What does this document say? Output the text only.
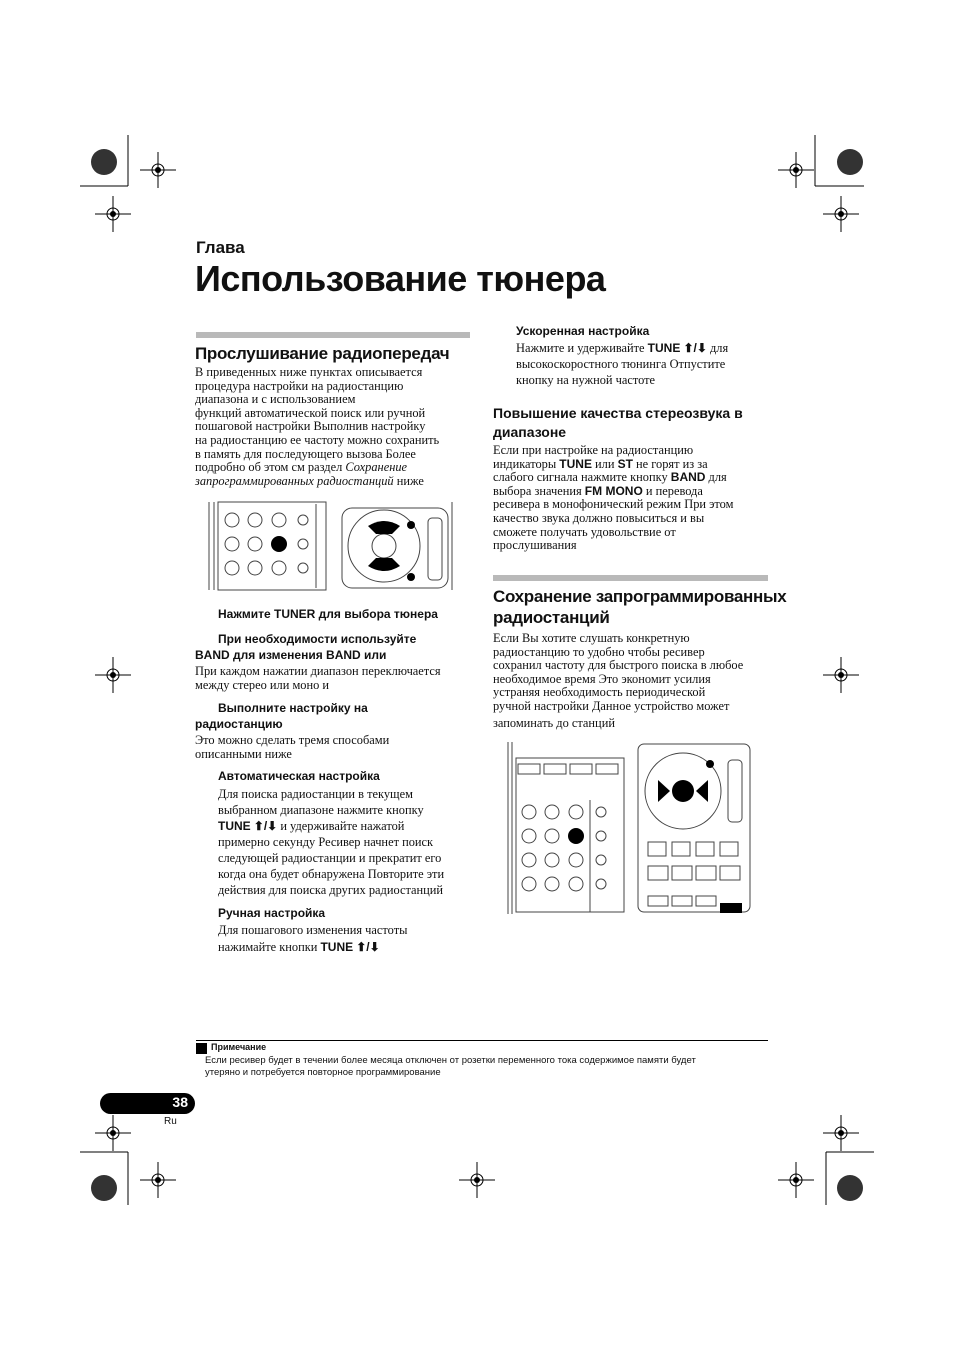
Глава
Использование тюнера
Прослушивание радиопередач
В приведенных ниже пунктах описывается
процедура настройки на радиостанцию
диапазона и с использованием
функций автоматической поиск или ручной
пошаговой настройки Выполнив настройку
на радиостанцию ее частоту можно сохранить
в память для последующего вызова Более
подробно об этом см раздел Сохранение
запрограммированных радиостанций ниже
Нажмите TUNER для выбора тюнера
При необходимости используйте
BAND для изменения BAND или
При каждом нажатии диапазон переключается
между стерео или моно и
Выполните настройку на
радиостанцию
Это можно сделать тремя способами
описанными ниже
Автоматическая настройка
Для поиска радиостанции в текущем
выбранном диапазоне нажмите кнопку
TUNE ⬆/⬇ и удерживайте нажатой
примерно секунду Ресивер начнет поиск
следующей радиостанции и прекратит его
когда она будет обнаружена Повторите эти
действия для поиска других радиостанций
Ручная настройка
Для пошагового изменения частоты
нажимайте кнопки TUNE ⬆/⬇
Ускоренная настройка
Нажмите и удерживайте TUNE ⬆/⬇ для
высокоскоростного тюнинга Отпустите
кнопку на нужной частоте
Повышение качества стереозвука в
диапазоне
Если при настройке на радиостанцию
индикаторы TUNE или ST не горят из за
слабого сигнала нажмите кнопку BAND для
выбора значения FM MONO и перевода
ресивера в монофонический режим При этом
качество звука должно повыситься и вы
сможете получать удовольствие от
прослушивания
Сохранение запрограммированных
радиостанций
Если Вы хотите слушать конкретную
радиостанцию то удобно чтобы ресивер
сохранил частоту для быстрого поиска в любое
необходимое время Это экономит усилия
устраняя необходимость периодической
ручной настройки Данное устройство может
запоминать до станций
Примечание
Если ресивер будет в течении более месяца отключен от розетки переменного тока содержимое памяти будет
утеряно и потребуется повторное программирование
38
Ru
